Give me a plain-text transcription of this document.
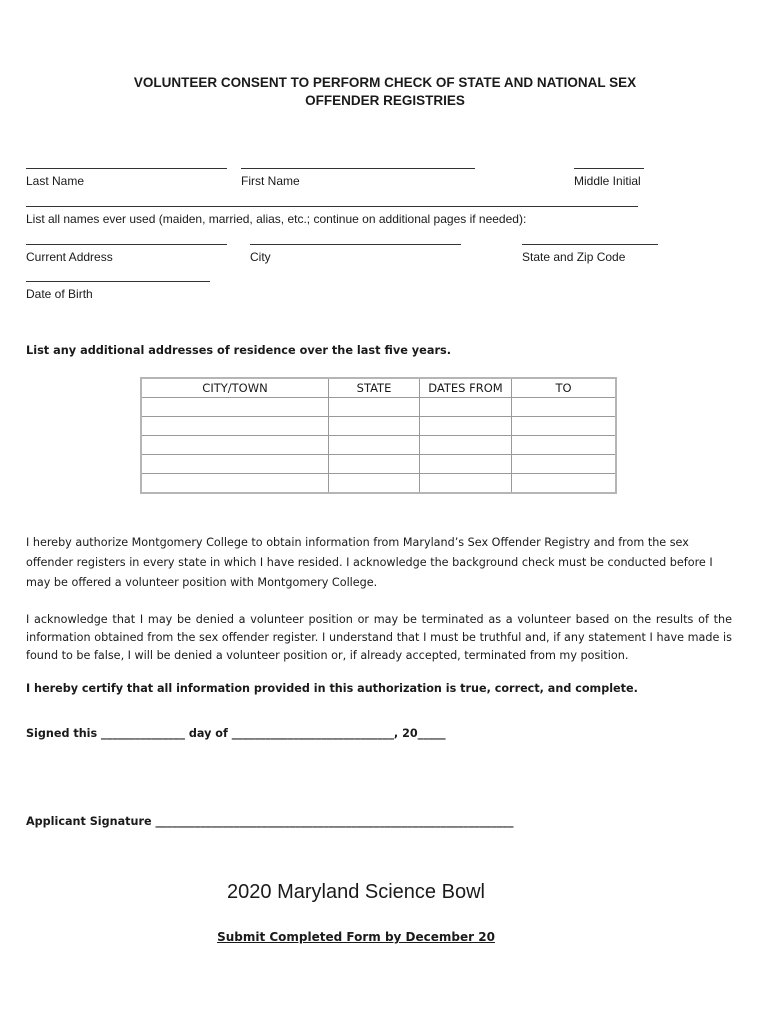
VOLUNTEER CONSENT TO PERFORM CHECK OF STATE AND NATIONAL SEX
OFFENDER REGISTRIES
Last Name	First Name	Middle Initial
List all names ever used (maiden, married, alias, etc.; continue on additional pages if needed):
Current Address	City	State and Zip Code
Date of Birth
List any additional addresses of residence over the last five years.
CITY/TOWN	STATE	DATES FROM	TO

I hereby authorize Montgomery College to obtain information from Maryland’s Sex Offender Registry and from the sex offender registers in every state in which I have resided. I acknowledge the background check must be conducted before I may be offered a volunteer position with Montgomery College.
I acknowledge that I may be denied a volunteer position or may be terminated as a volunteer based on the results of the information obtained from the sex offender register. I understand that I must be truthful and, if any statement I have made is found to be false, I will be denied a volunteer position or, if already accepted, terminated from my position.
I hereby certify that all information provided in this authorization is true, correct, and complete.
Signed this _______________ day of _____________________________, 20_____
Applicant Signature ________________________________________________________________
2020 Maryland Science Bowl
Submit Completed Form by December 20
